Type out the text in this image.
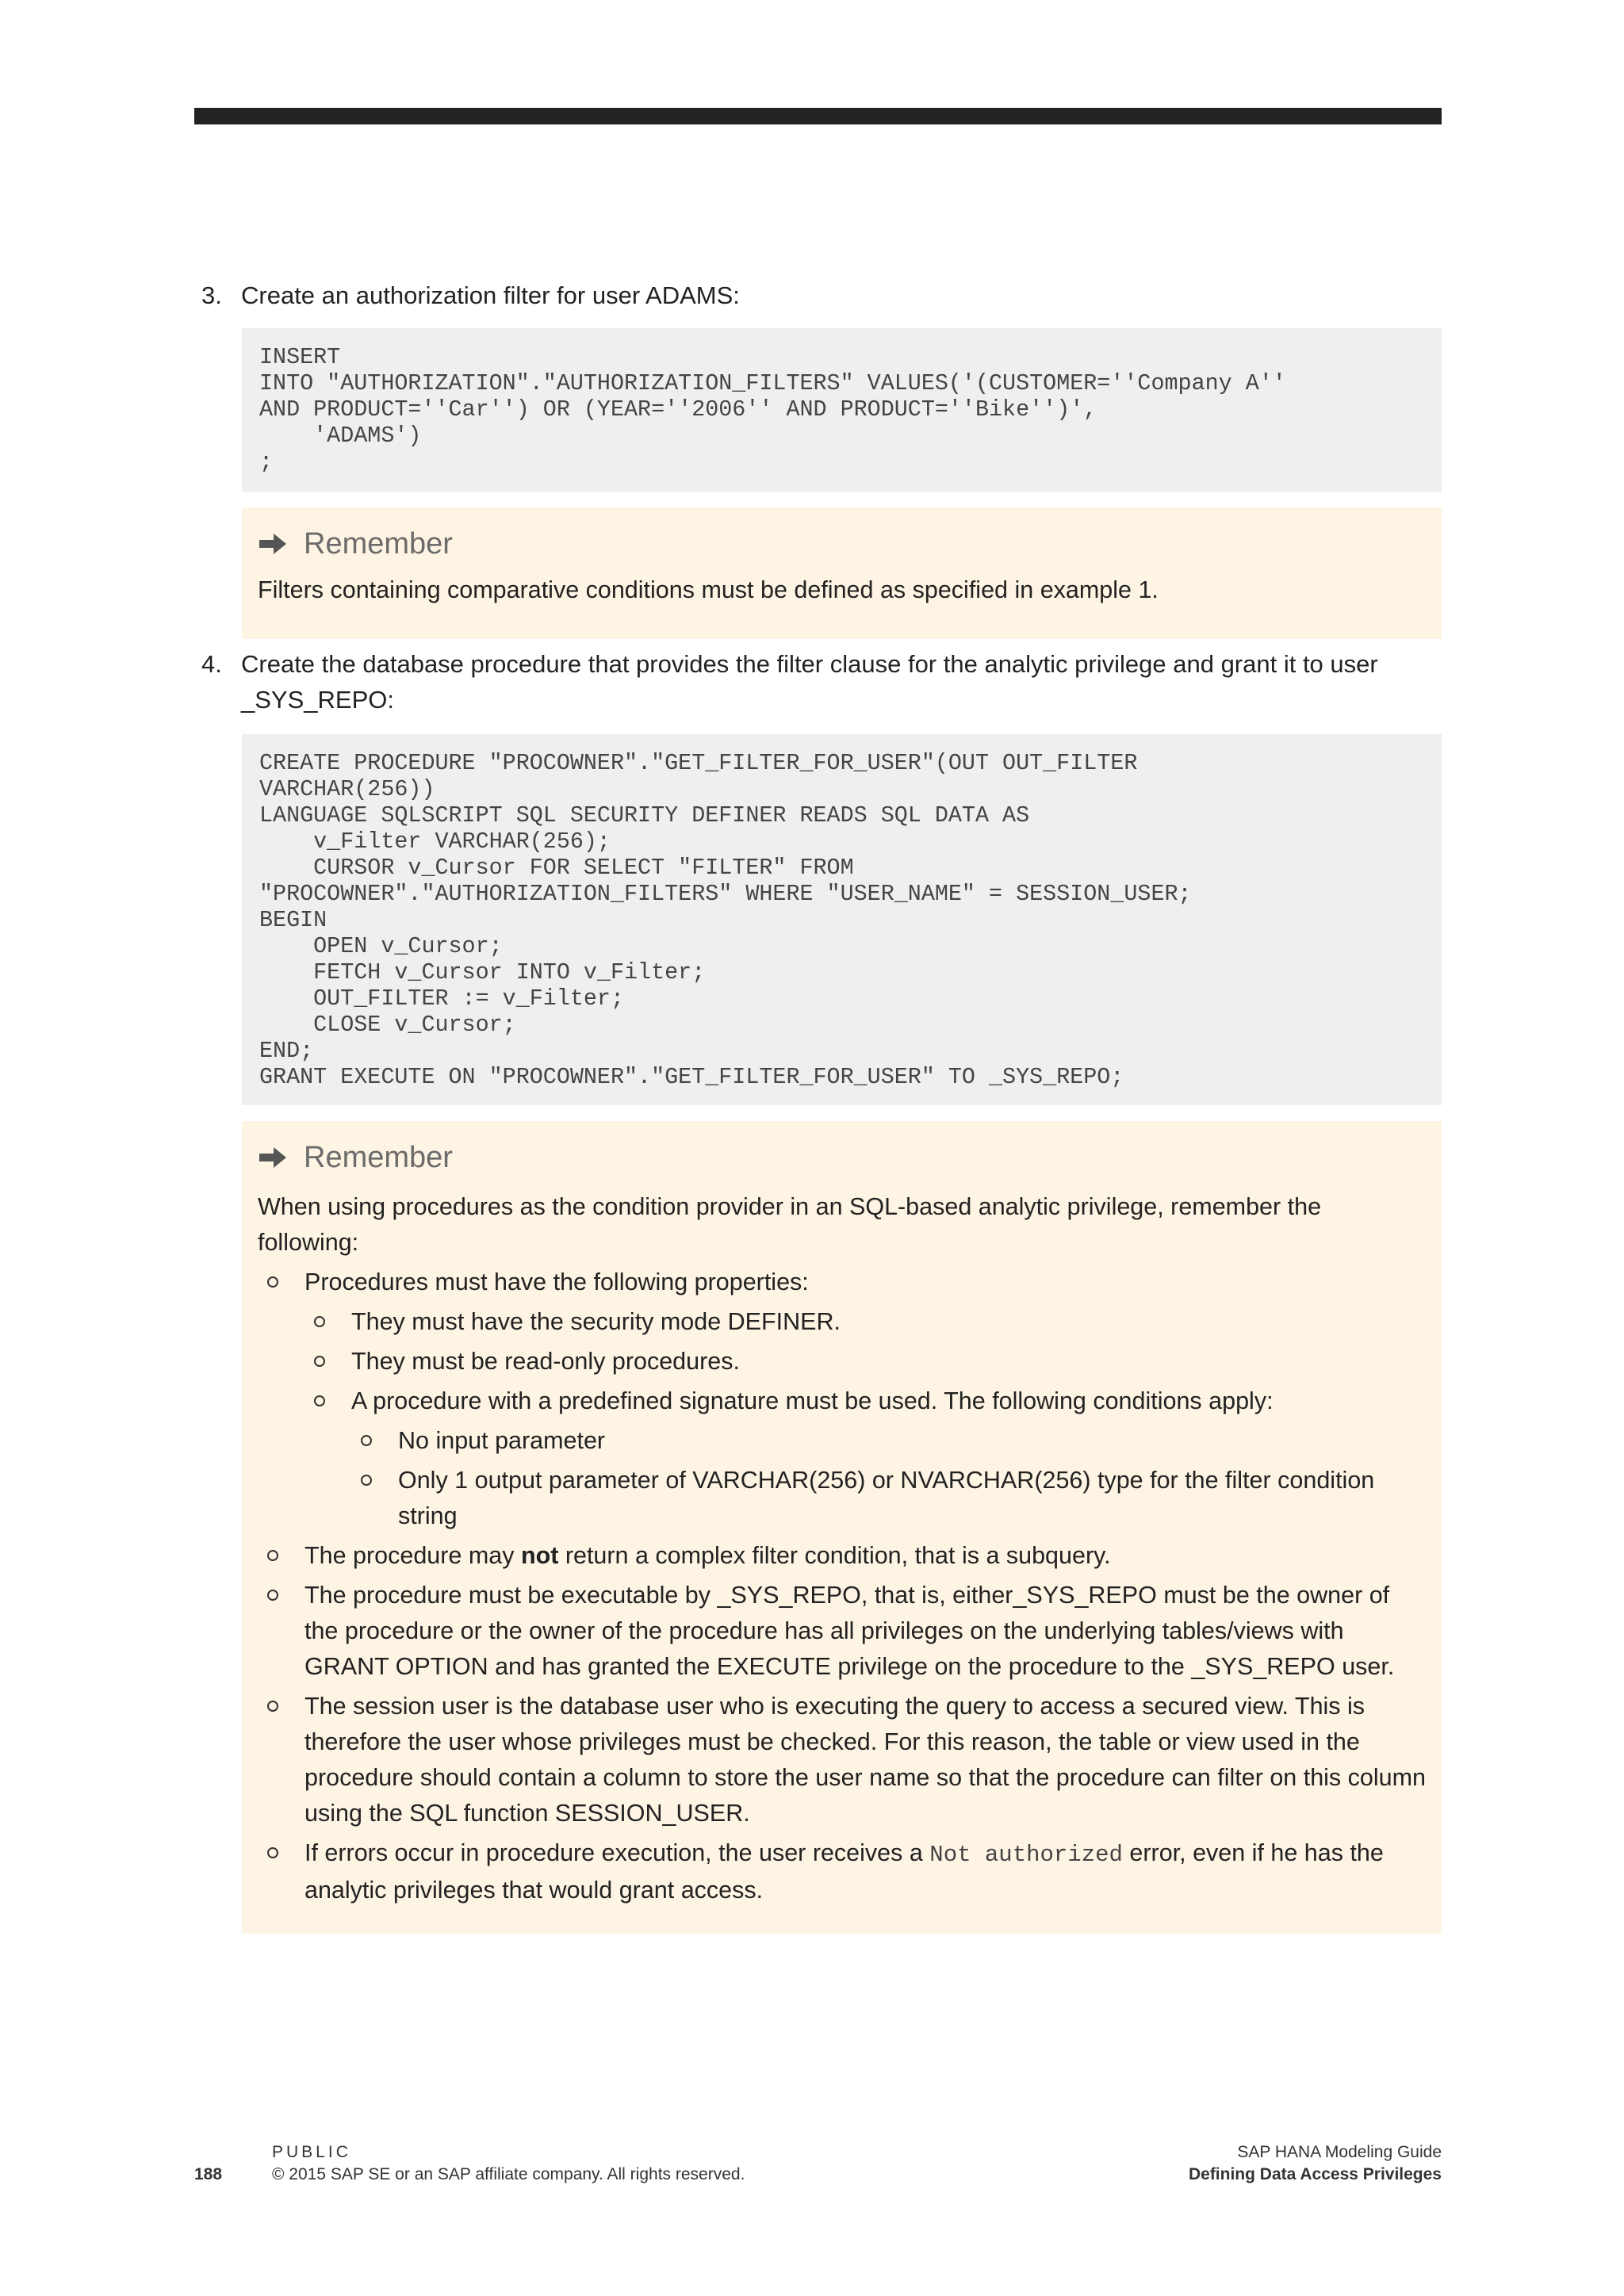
3. Create an authorization filter for user ADAMS:
INSERT
INTO "AUTHORIZATION"."AUTHORIZATION_FILTERS" VALUES('(CUSTOMER=''Company A''
AND PRODUCT=''Car'') OR (YEAR=''2006'' AND PRODUCT=''Bike'')',
'ADAMS')
;
Remember
Filters containing comparative conditions must be defined as specified in example 1.
4. Create the database procedure that provides the filter clause for the analytic privilege and grant it to user _SYS_REPO:
CREATE PROCEDURE "PROCOWNER"."GET_FILTER_FOR_USER"(OUT OUT_FILTER
VARCHAR(256))
LANGUAGE SQLSCRIPT SQL SECURITY DEFINER READS SQL DATA AS
v_Filter VARCHAR(256);
CURSOR v_Cursor FOR SELECT "FILTER" FROM
"PROCOWNER"."AUTHORIZATION_FILTERS" WHERE "USER_NAME" = SESSION_USER;
BEGIN
OPEN v_Cursor;
FETCH v_Cursor INTO v_Filter;
OUT_FILTER := v_Filter;
CLOSE v_Cursor;
END;
GRANT EXECUTE ON "PROCOWNER"."GET_FILTER_FOR_USER" TO _SYS_REPO;
Remember
When using procedures as the condition provider in an SQL-based analytic privilege, remember the following:
Procedures must have the following properties:
They must have the security mode DEFINER.
They must be read-only procedures.
A procedure with a predefined signature must be used. The following conditions apply:
No input parameter
Only 1 output parameter of VARCHAR(256) or NVARCHAR(256) type for the filter condition string
The procedure may not return a complex filter condition, that is a subquery.
The procedure must be executable by _SYS_REPO, that is, either_SYS_REPO must be the owner of the procedure or the owner of the procedure has all privileges on the underlying tables/views with GRANT OPTION and has granted the EXECUTE privilege on the procedure to the _SYS_REPO user.
The session user is the database user who is executing the query to access a secured view. This is therefore the user whose privileges must be checked. For this reason, the table or view used in the procedure should contain a column to store the user name so that the procedure can filter on this column using the SQL function SESSION_USER.
If errors occur in procedure execution, the user receives a Not authorized error, even if he has the analytic privileges that would grant access.
188
PUBLIC
© 2015 SAP SE or an SAP affiliate company. All rights reserved.
SAP HANA Modeling Guide
Defining Data Access Privileges
